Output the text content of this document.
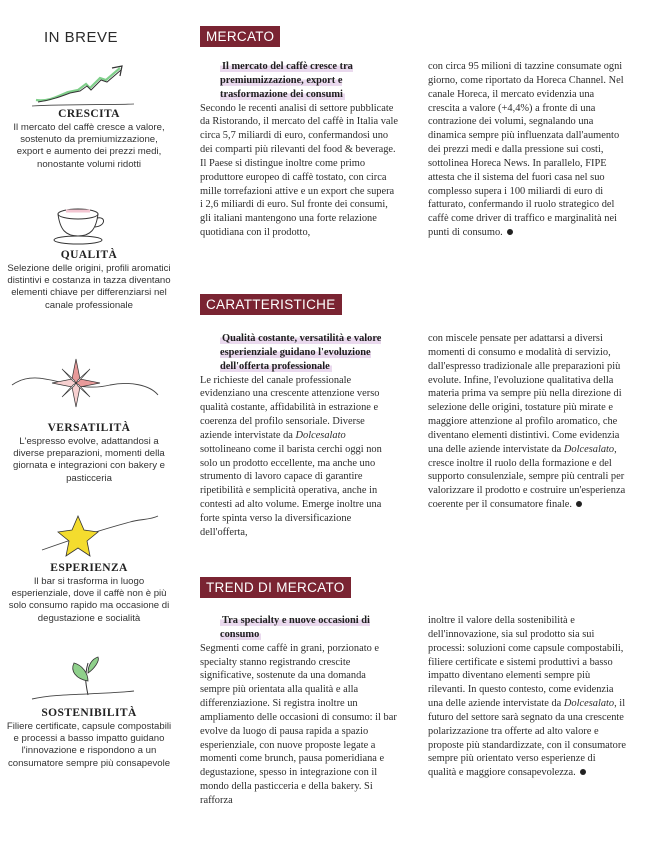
IN BREVE
CRESCITA
Il mercato del caffè cresce a valore, sostenuto da premiumizzazione, export e aumento dei prezzi medi, nonostante volumi ridotti
QUALITÀ
Selezione delle origini, profili aromatici distintivi e costanza in tazza diventano elementi chiave per differenziarsi nel canale professionale
VERSATILITÀ
L'espresso evolve, adattandosi a diverse preparazioni, momenti della giornata e integrazioni con bakery e pasticceria
ESPERIENZA
Il bar si trasforma in luogo esperienziale, dove il caffè non è più solo consumo rapido ma occasione di degustazione e socialità
SOSTENIBILITÀ
Filiere certificate, capsule compostabili e processi a basso impatto guidano l'innovazione e rispondono a un consumatore sempre più consapevole
MERCATO
Il mercato del caffè cresce tra premiumizzazione, export e trasformazione dei consumi
Secondo le recenti analisi di settore pubblicate da Ristorando, il mercato del caffè in Italia vale circa 5,7 miliardi di euro, confermandosi uno dei comparti più rilevanti del food & beverage. Il Paese si distingue inoltre come primo produttore europeo di caffè tostato, con circa mille torrefazioni attive e un export che supera i 2,6 miliardi di euro. Sul fronte dei consumi, gli italiani mantengono una forte relazione quotidiana con il prodotto,
con circa 95 milioni di tazzine consumate ogni giorno, come riportato da Horeca Channel. Nel canale Horeca, il mercato evidenzia una crescita a valore (+4,4%) a fronte di una contrazione dei volumi, segnalando una dinamica sempre più influenzata dall'aumento dei prezzi medi e dalla pressione sui costi, sottolinea Horeca News. In parallelo, FIPE attesta che il sistema del fuori casa nel suo complesso supera i 100 miliardi di euro di fatturato, confermando il ruolo strategico del caffè come driver di traffico e marginalità nei punti di consumo.
CARATTERISTICHE
Qualità costante, versatilità e valore esperienziale guidano l'evoluzione dell'offerta professionale
Le richieste del canale professionale evidenziano una crescente attenzione verso qualità costante, affidabilità in estrazione e coerenza del profilo sensoriale. Diverse aziende intervistate da Dolcesalato sottolineano come il barista cerchi oggi non solo un prodotto eccellente, ma anche uno strumento di lavoro capace di garantire ripetibilità e semplicità operativa, anche in contesti ad alto volume. Emerge inoltre una forte spinta verso la diversificazione dell'offerta,
con miscele pensate per adattarsi a diversi momenti di consumo e modalità di servizio, dall'espresso tradizionale alle preparazioni più evolute. Infine, l'evoluzione qualitativa della materia prima va sempre più nella direzione di selezione delle origini, tostature più mirate e maggiore attenzione al profilo aromatico, che diventano elementi distintivi. Come evidenzia una delle aziende intervistate da Dolcesalato, cresce inoltre il ruolo della formazione e del supporto consulenziale, sempre più centrali per valorizzare il prodotto e costruire un'esperienza coerente per il consumatore finale.
TREND DI MERCATO
Tra specialty e nuove occasioni di consumo
Segmenti come caffè in grani, porzionato e specialty stanno registrando crescite significative, sostenute da una domanda sempre più orientata alla qualità e alla differenziazione. Si registra inoltre un ampliamento delle occasioni di consumo: il bar evolve da luogo di pausa rapida a spazio esperienziale, con nuove proposte legate a momenti come brunch, pausa pomeridiana e degustazione, spesso in integrazione con il mondo della pasticceria e della bakery. Si rafforza
inoltre il valore della sostenibilità e dell'innovazione, sia sul prodotto sia sui processi: soluzioni come capsule compostabili, filiere certificate e sistemi produttivi a basso impatto diventano elementi sempre più rilevanti. In questo contesto, come evidenzia una delle aziende intervistate da Dolcesalato, il futuro del settore sarà segnato da una crescente polarizzazione tra offerte ad alto valore e proposte più standardizzate, con il consumatore sempre più orientato verso esperienze di qualità e maggiore consapevolezza.
